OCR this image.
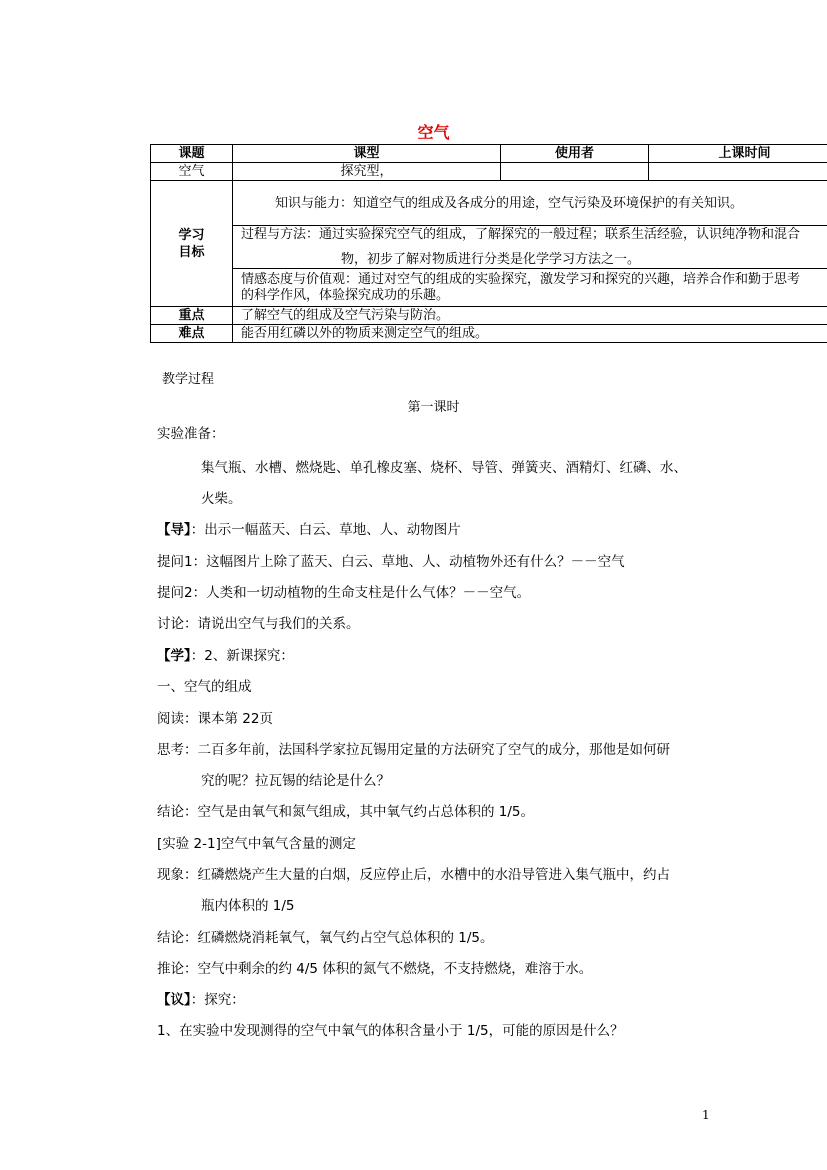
空气
课题	课型	使用者	上课时间
空气	探究型，		
学习
目标	知识与能力：知道空气的组成及各成分的用途，空气污染及环境保护的有关知识。		
	过程与方法：通过实验探究空气的组成，了解探究的一般过程；联系生活经验，认识纯净物和混合
物，初步了解对物质进行分类是化学学习方法之一。		

	情感态度与价值观：通过对空气的组成的实验探究，激发学习和探究的兴趣，培养合作和勤于思考
的科学作风，体验探究成功的乐趣。		
重点	了解空气的组成及空气污染与防治。		
难点	能否用红磷以外的物质来测定空气的组成。		
教学过程
第一课时
实验准备：
集气瓶、水槽、燃烧匙、单孔橡皮塞、烧杯、导管、弹簧夹、酒精灯、红磷、水、
火柴。
【导】：出示一幅蓝天、白云、草地、人、动物图片
提问1：这幅图片上除了蓝天、白云、草地、人、动植物外还有什么？－－空气
提问2：人类和一切动植物的生命支柱是什么气体？－－空气。
讨论：请说出空气与我们的关系。
【学】：2、新课探究：
一、空气的组成
阅读：课本第 22页
思考：二百多年前，法国科学家拉瓦锡用定量的方法研究了空气的成分，那他是如何研
究的呢？拉瓦锡的结论是什么？
结论：空气是由氧气和氮气组成，其中氧气约占总体积的 1/5。
[实验 2-1]空气中氧气含量的测定
现象：红磷燃烧产生大量的白烟，反应停止后，水槽中的水沿导管进入集气瓶中，约占
瓶内体积的 1/5
结论：红磷燃烧消耗氧气，氧气约占空气总体积的 1/5。
推论：空气中剩余的约 4/5 体积的氮气不燃烧，不支持燃烧，难溶于水。
【议】：探究：
1、在实验中发现测得的空气中氧气的体积含量小于 1/5，可能的原因是什么？
1
